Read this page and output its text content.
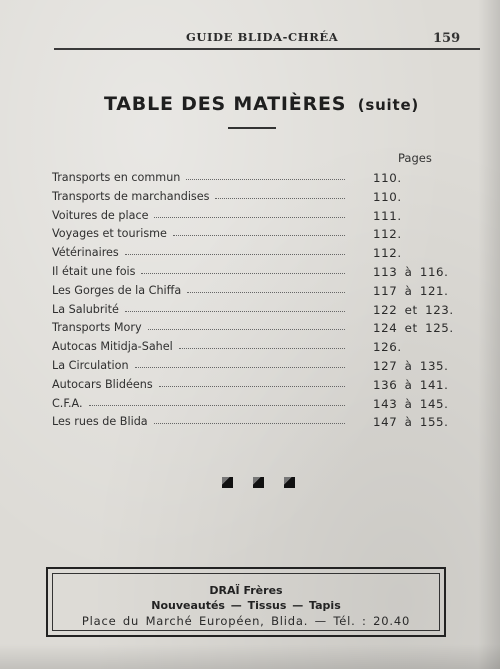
GUIDE BLIDA-CHRÉA	159
TABLE DES MATIÈRES (suite)
Pages
Transports en commun	110.
Transports de marchandises	110.
Voitures de place	111.
Voyages et tourisme	112.
Vétérinaires	112.
Il était une fois	113 à 116.
Les Gorges de la Chiffa	117 à 121.
La Salubrité	122 et 123.
Transports Mory	124 et 125.
Autocas Mitidja-Sahel	126.
La Circulation	127 à 135.
Autocars Blidéens	136 à 141.
C.F.A.	143 à 145.
Les rues de Blida	147 à 155.
DRAÏ Frères
Nouveautés — Tissus — Tapis
Place du Marché Européen, Blida. — Tél. : 20.40
